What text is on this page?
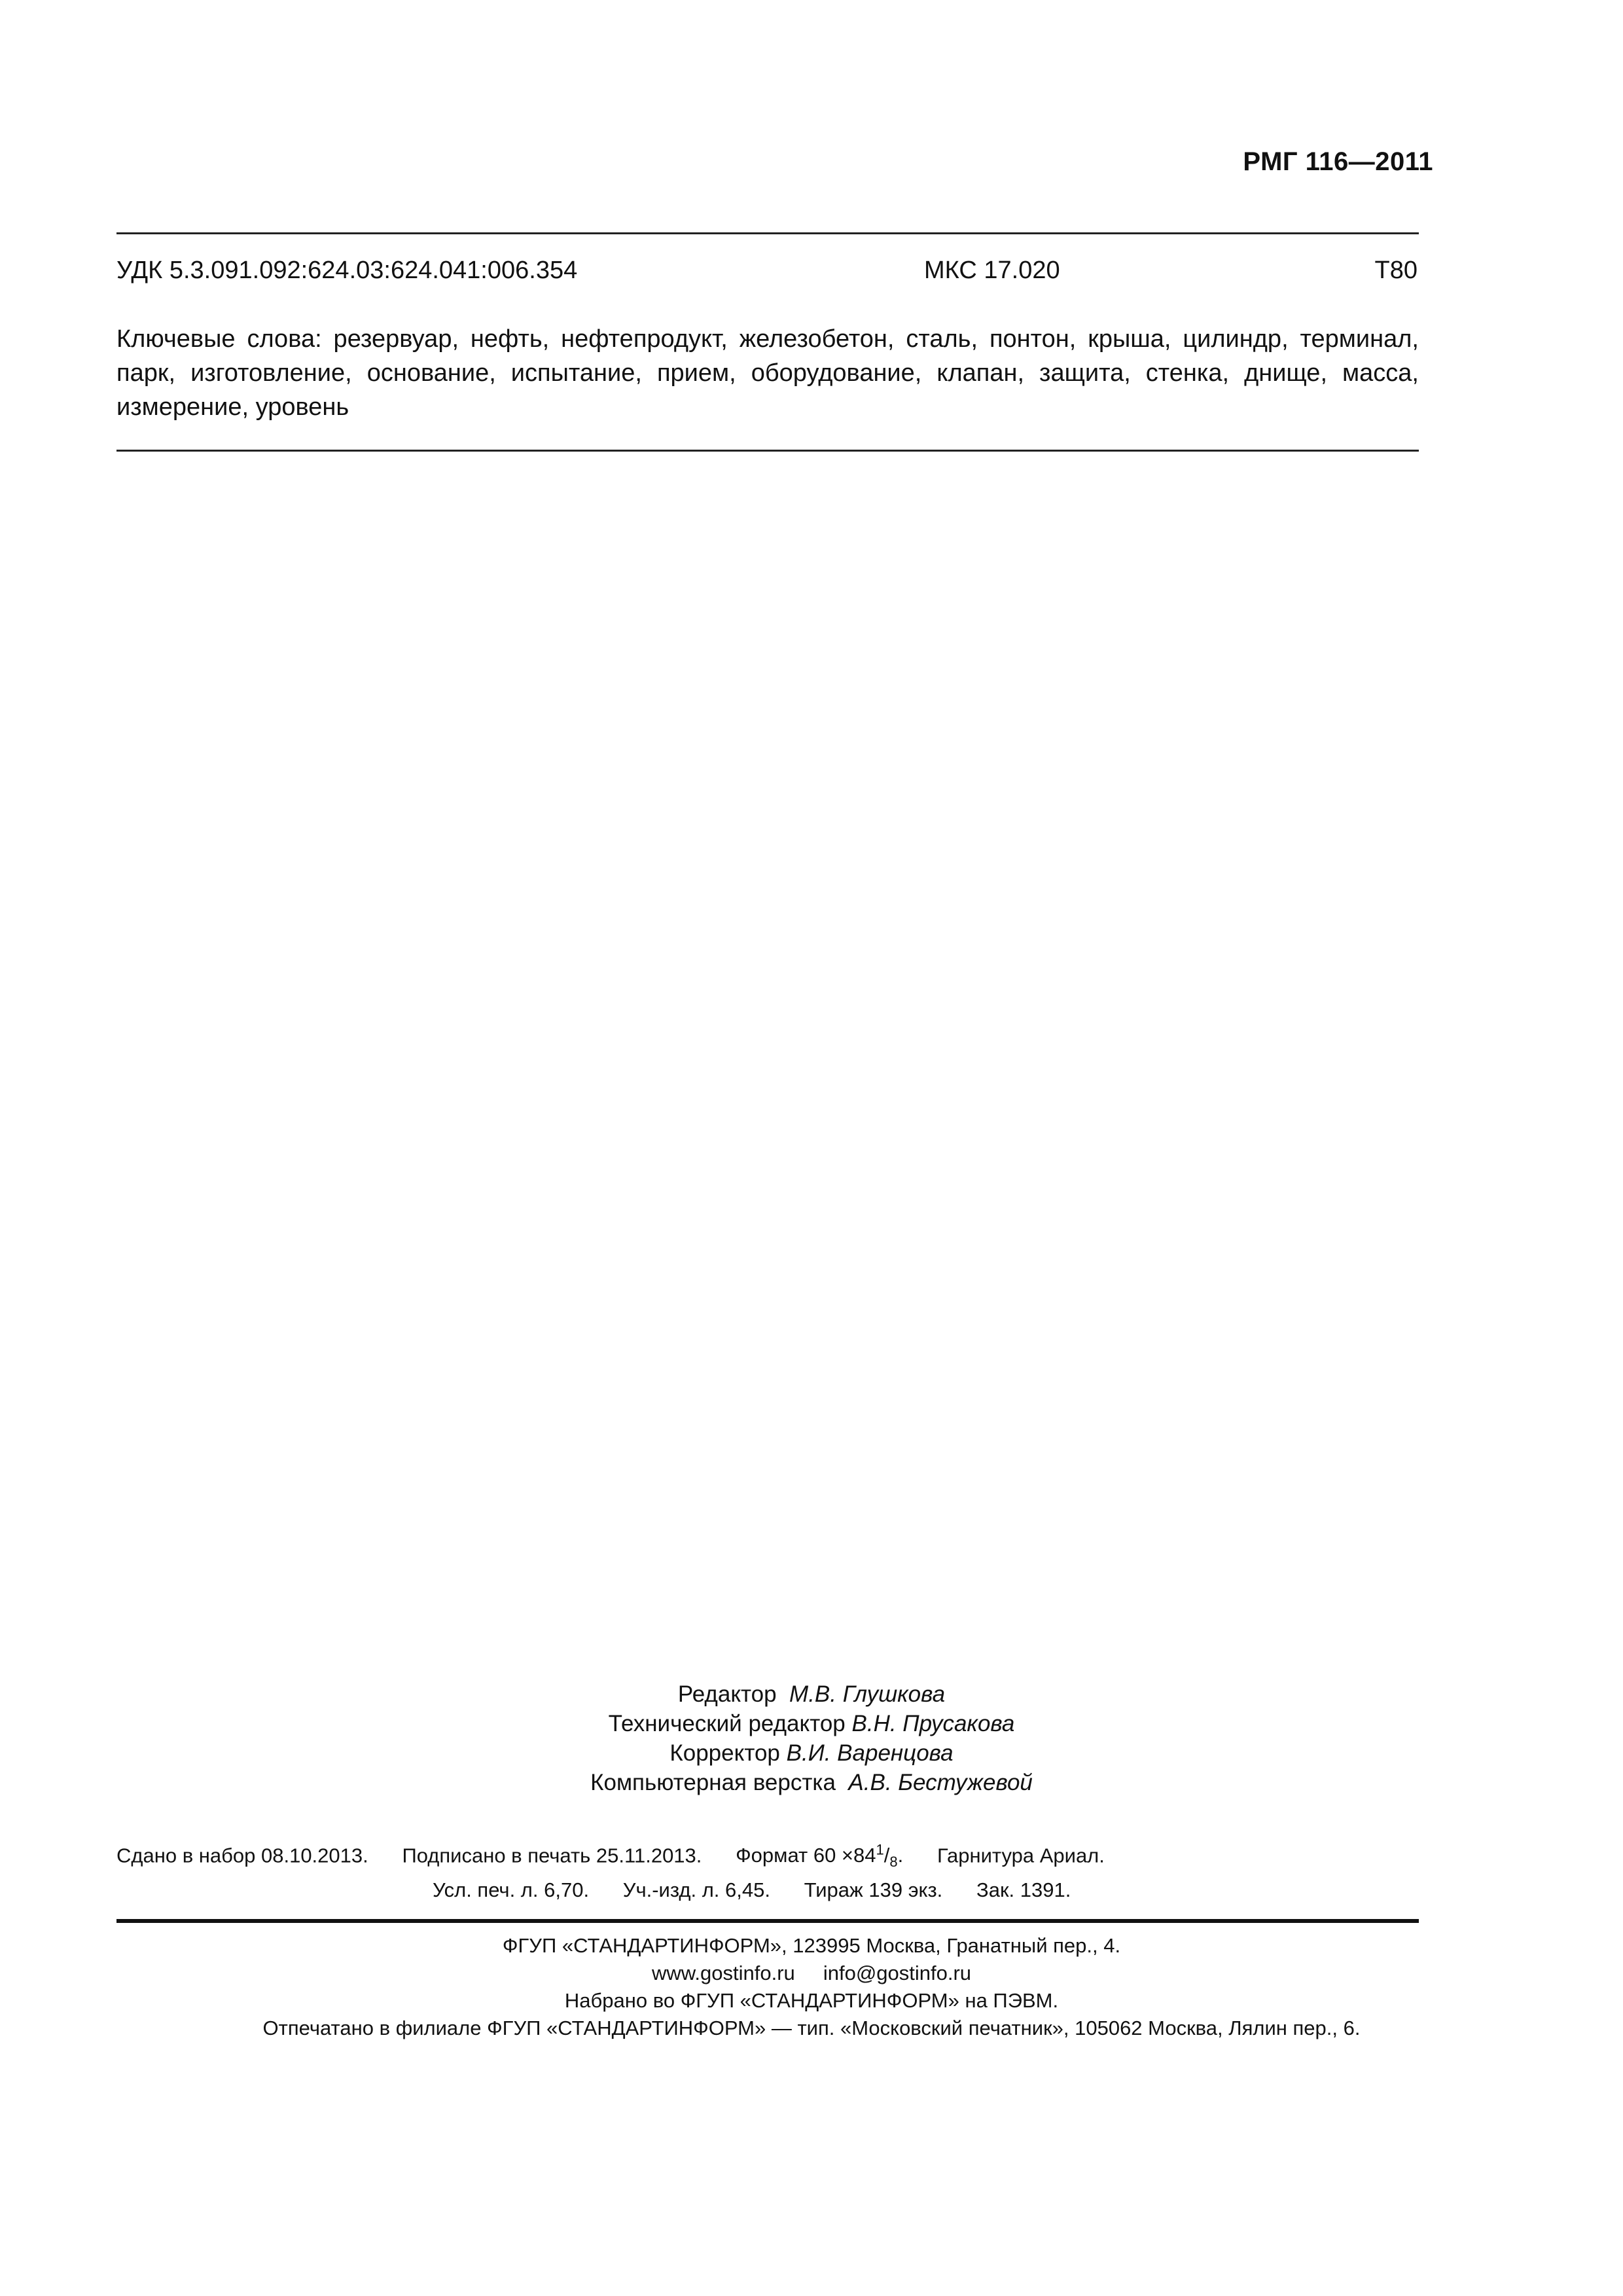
РМГ 116—2011
УДК 5.3.091.092:624.03:624.041:006.354	МКС 17.020	Т80
Ключевые слова: резервуар, нефть, нефтепродукт, железобетон, сталь, понтон, крыша, цилиндр, терминал, парк, изготовление, основание, испытание, прием, оборудование, клапан, защита, стенка, днище, масса, измерение, уровень
Редактор М.В. Глушкова
Технический редактор В.Н. Прусакова
Корректор В.И. Варенцова
Компьютерная верстка А.В. Бестужевой
Сдано в набор 08.10.2013. Подписано в печать 25.11.2013. Формат $60 \times 84^1/_8$. Гарнитура Ариал.
Усл. печ. л. 6,70. Уч.-изд. л. 6,45. Тираж 139 экз. Зак. 1391.
ФГУП «СТАНДАРТИНФОРМ», 123995 Москва, Гранатный пер., 4.
www.gostinfo.ru info@gostinfo.ru
Набрано во ФГУП «СТАНДАРТИНФОРМ» на ПЭВМ.
Отпечатано в филиале ФГУП «СТАНДАРТИНФОРМ» — тип. «Московский печатник», 105062 Москва, Лялин пер., 6.
